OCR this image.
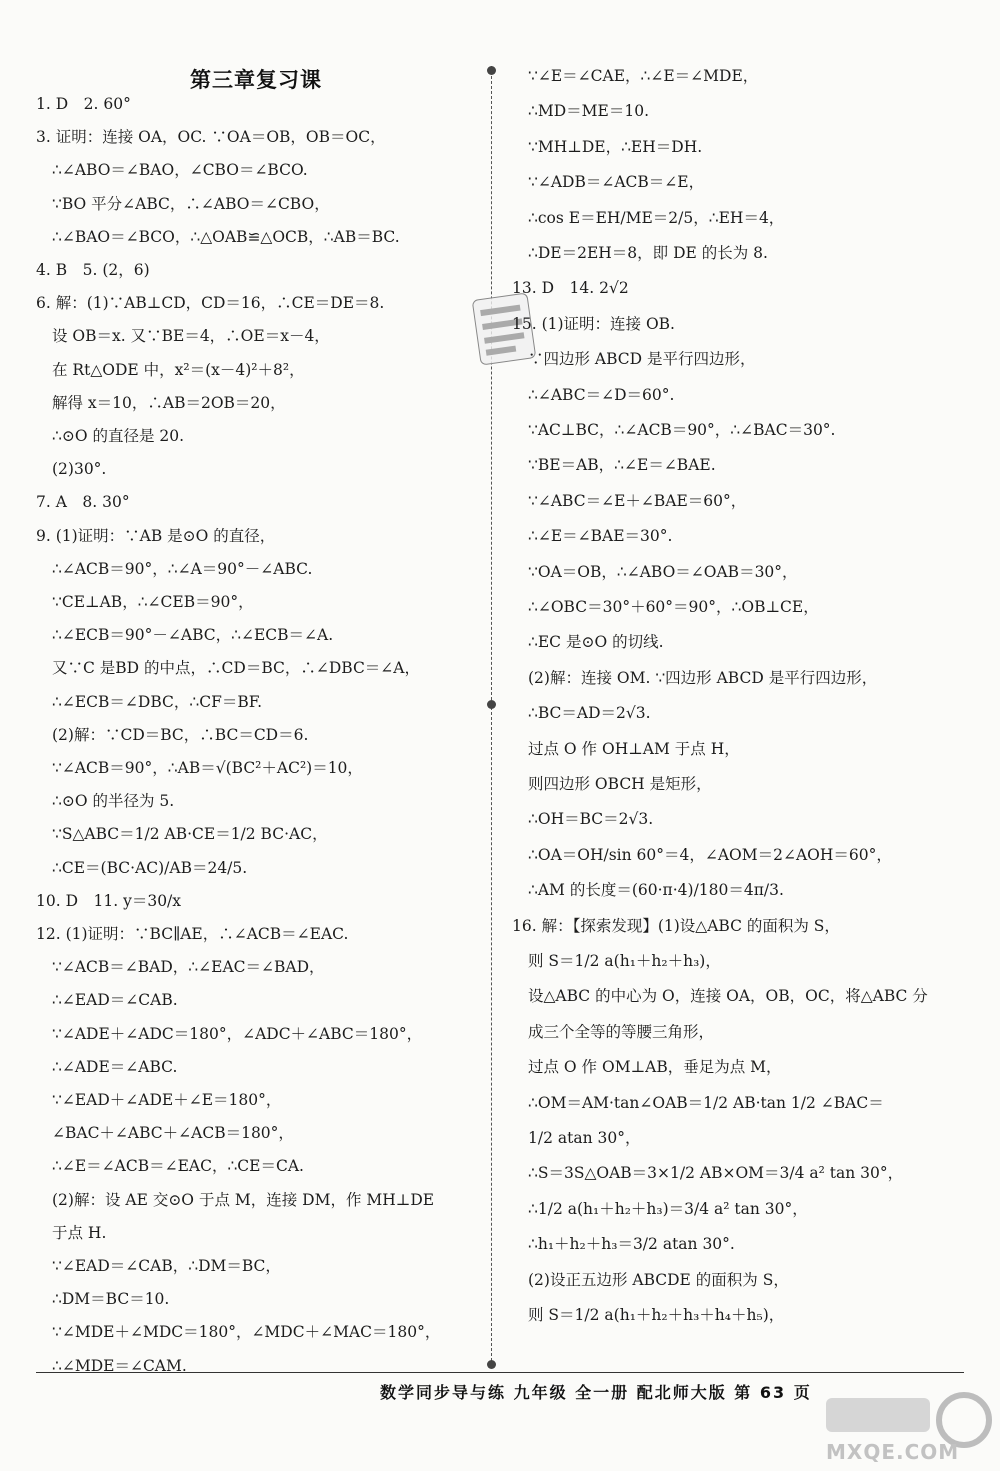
第三章复习课
1. D　2. 60°
3. 证明：连接 OA，OC. ∵OA＝OB，OB＝OC，
∴∠ABO＝∠BAO，∠CBO＝∠BCO.
∵BO 平分∠ABC，∴∠ABO＝∠CBO，
∴∠BAO＝∠BCO，∴△OAB≌△OCB，∴AB＝BC.
4. B　5. (2，6)
6. 解：(1)∵AB⊥CD，CD＝16，∴CE＝DE＝8.
设 OB＝x. 又∵BE＝4，∴OE＝x－4，
在 Rt△ODE 中，x²＝(x－4)²＋8²，
解得 x＝10，∴AB＝2OB＝20，
∴⊙O 的直径是 20.
(2)30°.
7. A　8. 30°
9. (1)证明：∵AB 是⊙O 的直径，
∴∠ACB＝90°，∴∠A＝90°－∠ABC.
∵CE⊥AB，∴∠CEB＝90°，
∴∠ECB＝90°－∠ABC，∴∠ECB＝∠A.
又∵C 是BD 的中点，∴CD＝BC，∴∠DBC＝∠A，
∴∠ECB＝∠DBC，∴CF＝BF.
(2)解：∵CD＝BC，∴BC＝CD＝6.
∵∠ACB＝90°，∴AB＝√(BC²＋AC²)＝10，
∴⊙O 的半径为 5.
∵S△ABC＝1/2 AB·CE＝1/2 BC·AC，
∴CE＝(BC·AC)/AB＝24/5.
10. D　11. y＝30/x
12. (1)证明：∵BC∥AE，∴∠ACB＝∠EAC.
∵∠ACB＝∠BAD，∴∠EAC＝∠BAD，
∴∠EAD＝∠CAB.
∵∠ADE＋∠ADC＝180°，∠ADC＋∠ABC＝180°，
∴∠ADE＝∠ABC.
∵∠EAD＋∠ADE＋∠E＝180°，
∠BAC＋∠ABC＋∠ACB＝180°，
∴∠E＝∠ACB＝∠EAC，∴CE＝CA.
(2)解：设 AE 交⊙O 于点 M，连接 DM，作 MH⊥DE
于点 H.
∵∠EAD＝∠CAB，∴DM＝BC，
∴DM＝BC＝10.
∵∠MDE＋∠MDC＝180°，∠MDC＋∠MAC＝180°，
∴∠MDE＝∠CAM.
∵∠E＝∠CAE，∴∠E＝∠MDE，
∴MD＝ME＝10.
∵MH⊥DE，∴EH＝DH.
∵∠ADB＝∠ACB＝∠E，
∴cos E＝EH/ME＝2/5，∴EH＝4，
∴DE＝2EH＝8，即 DE 的长为 8.
13. D　14. 2√2
15. (1)证明：连接 OB.
∵四边形 ABCD 是平行四边形，
∴∠ABC＝∠D＝60°.
∵AC⊥BC，∴∠ACB＝90°，∴∠BAC＝30°.
∵BE＝AB，∴∠E＝∠BAE.
∵∠ABC＝∠E＋∠BAE＝60°，
∴∠E＝∠BAE＝30°.
∵OA＝OB，∴∠ABO＝∠OAB＝30°，
∴∠OBC＝30°＋60°＝90°，∴OB⊥CE，
∴EC 是⊙O 的切线.
(2)解：连接 OM. ∵四边形 ABCD 是平行四边形，
∴BC＝AD＝2√3.
过点 O 作 OH⊥AM 于点 H，
则四边形 OBCH 是矩形，
∴OH＝BC＝2√3.
∴OA＝OH/sin 60°＝4，∠AOM＝2∠AOH＝60°，
∴AM 的长度＝(60·π·4)/180＝4π/3.
16. 解：【探索发现】(1)设△ABC 的面积为 S，
则 S＝1/2 a(h₁＋h₂＋h₃)，
设△ABC 的中心为 O，连接 OA，OB，OC，将△ABC 分
成三个全等的等腰三角形，
过点 O 作 OM⊥AB，垂足为点 M，
∴OM＝AM·tan∠OAB＝1/2 AB·tan 1/2 ∠BAC＝
1/2 atan 30°，
∴S＝3S△OAB＝3×1/2 AB×OM＝3/4 a² tan 30°，
∴1/2 a(h₁＋h₂＋h₃)＝3/4 a² tan 30°，
∴h₁＋h₂＋h₃＝3/2 atan 30°.
(2)设正五边形 ABCDE 的面积为 S，
则 S＝1/2 a(h₁＋h₂＋h₃＋h₄＋h₅)，
数学同步导与练 九年级 全一册 配北师大版 第 63 页
MXQE.COM
